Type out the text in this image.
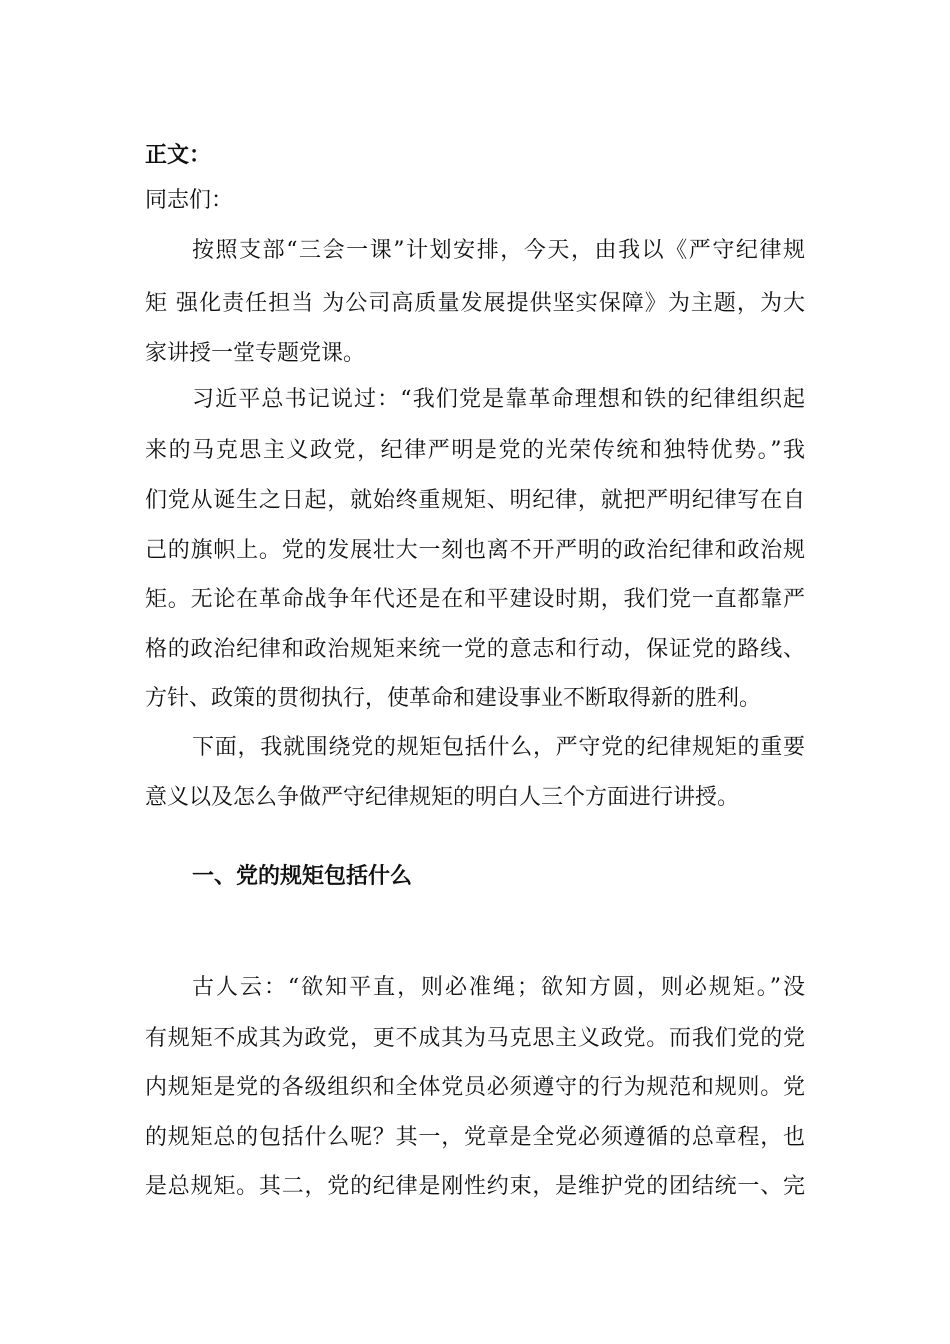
正文：
同志们：
按照支部“三会一课”计划安排，今天，由我以《严守纪律规
矩 强化责任担当 为公司高质量发展提供坚实保障》为主题，为大
家讲授一堂专题党课。
习近平总书记说过：“我们党是靠革命理想和铁的纪律组织起
来的马克思主义政党，纪律严明是党的光荣传统和独特优势。”我
们党从诞生之日起，就始终重规矩、明纪律，就把严明纪律写在自
己的旗帜上。党的发展壮大一刻也离不开严明的政治纪律和政治规
矩。无论在革命战争年代还是在和平建设时期，我们党一直都靠严
格的政治纪律和政治规矩来统一党的意志和行动，保证党的路线、
方针、政策的贯彻执行，使革命和建设事业不断取得新的胜利。
下面，我就围绕党的规矩包括什么，严守党的纪律规矩的重要
意义以及怎么争做严守纪律规矩的明白人三个方面进行讲授。
一、党的规矩包括什么
古人云：“欲知平直，则必准绳；欲知方圆，则必规矩。”没
有规矩不成其为政党，更不成其为马克思主义政党。而我们党的党
内规矩是党的各级组织和全体党员必须遵守的行为规范和规则。党
的规矩总的包括什么呢？其一，党章是全党必须遵循的总章程，也
是总规矩。其二，党的纪律是刚性约束，是维护党的团结统一、完
